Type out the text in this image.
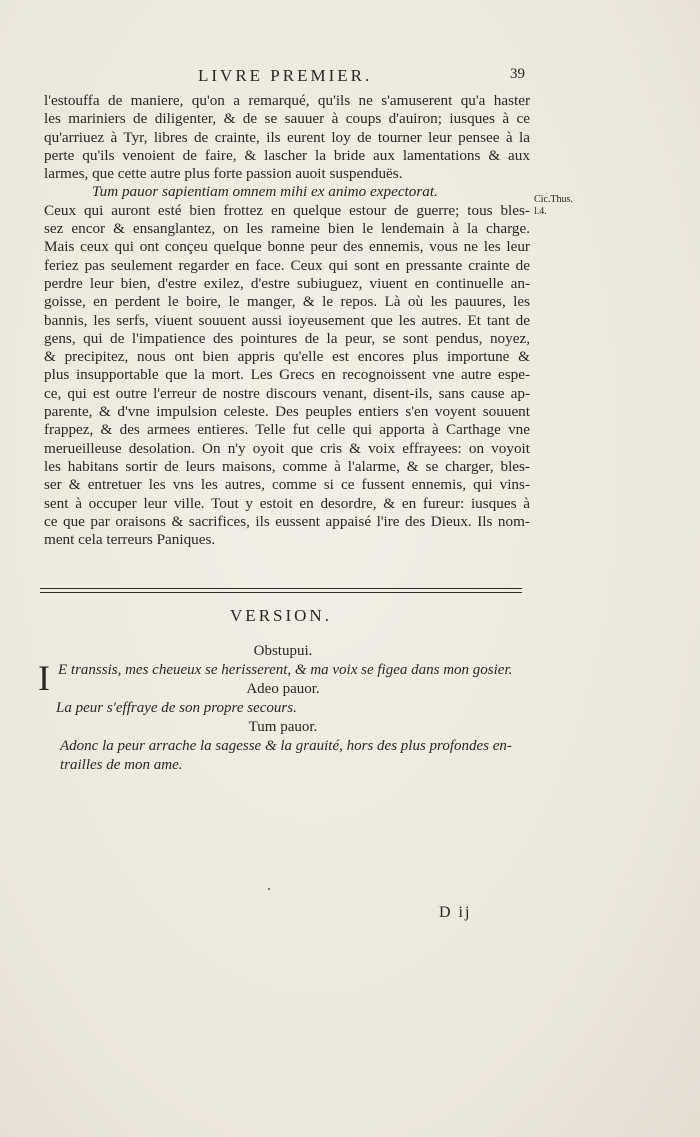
LIVRE PREMIER.	39
l'estouffa de maniere, qu'on a remarqué, qu'ils ne s'amuserent qu'a haster
les mariniers de diligenter, & de se sauuer à coups d'auiron; iusques à ce
qu'arriuez à Tyr, libres de crainte, ils eurent loy de tourner leur pensee à la
perte qu'ils venoient de faire, & lascher la bride aux lamentations & aux
larmes, que cette autre plus forte passion auoit suspenduës.
Tum pauor sapientiam omnem mihi ex animo expectorat.
Ceux qui auront esté bien frottez en quelque estour de guerre; tous bles-
sez encor & ensanglantez, on les rameine bien le lendemain à la charge.
Mais ceux qui ont conçeu quelque bonne peur des ennemis, vous ne les leur
feriez pas seulement regarder en face. Ceux qui sont en pressante crainte de
perdre leur bien, d'estre exilez, d'estre subiuguez, viuent en continuelle an-
goisse, en perdent le boire, le manger, & le repos. Là où les pauures, les
bannis, les serfs, viuent souuent aussi ioyeusement que les autres. Et tant de
gens, qui de l'impatience des pointures de la peur, se sont pendus, noyez,
& precipitez, nous ont bien appris qu'elle est encores plus importune &
plus insupportable que la mort. Les Grecs en recognoissent vne autre espe-
ce, qui est outre l'erreur de nostre discours venant, disent-ils, sans cause ap-
parente, & d'vne impulsion celeste. Des peuples entiers s'en voyent souuent
frappez, & des armees entieres. Telle fut celle qui apporta à Carthage vne
merueilleuse desolation. On n'y oyoit que cris & voix effrayees: on voyoit
les habitans sortir de leurs maisons, comme à l'alarme, & se charger, bles-
ser & entretuer les vns les autres, comme si ce fussent ennemis, qui vins-
sent à occuper leur ville. Tout y estoit en desordre, & en fureur: iusques à
ce que par oraisons & sacrifices, ils eussent appaisé l'ire des Dieux. Ils nom-
ment cela terreurs Paniques.
Cic.Thus.
l.4.
VERSION.
I
Obstupui.
E transsis, mes cheueux se herisserent, & ma voix se figea dans mon gosier.
Adeo pauor.
La peur s'effraye de son propre secours.
Tum pauor.
Adonc la peur arrache la sagesse & la grauité, hors des plus profondes en-
trailles de mon ame.
D ij
